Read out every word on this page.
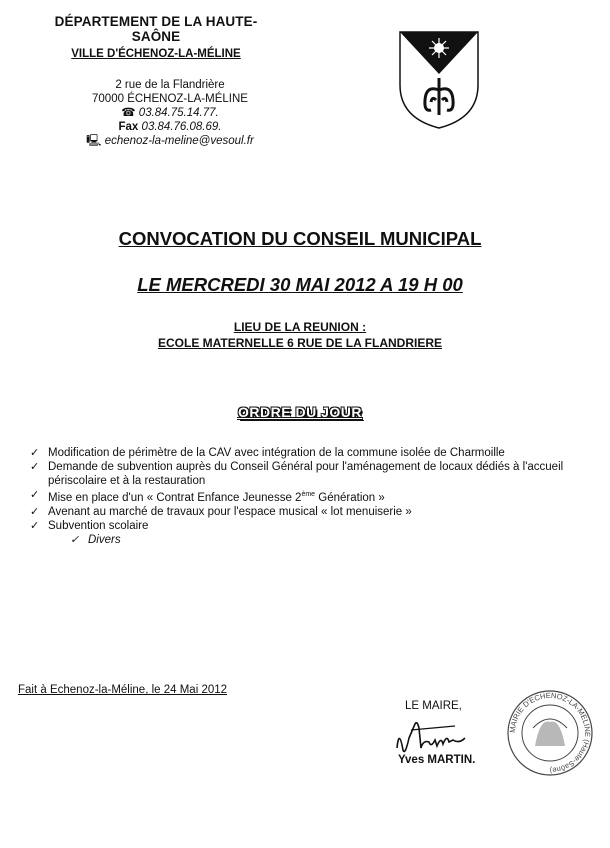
DÉPARTEMENT DE LA HAUTE-SAÔNE
VILLE D'ÉCHENOZ-LA-MÉLINE
2 rue de la Flandrière
70000 ÉCHENOZ-LA-MÉLINE
☎ 03.84.75.14.77.
Fax 03.84.76.08.69.
🖳 echenoz-la-meline@vesoul.fr
CONVOCATION DU CONSEIL MUNICIPAL
LE MERCREDI 30 MAI 2012 A 19 H 00
LIEU DE LA REUNION :
ECOLE MATERNELLE 6 RUE DE LA FLANDRIERE
ORDRE DU JOUR
✓ Modification de périmètre de la CAV avec intégration de la commune isolée de Charmoille
✓ Demande de subvention auprès du Conseil Général pour l'aménagement de locaux dédiés à l'accueil périscolaire et à la restauration
✓ Mise en place d'un « Contrat Enfance Jeunesse 2ème Génération »
✓ Avenant au marché de travaux pour l'espace musical « lot menuiserie »
✓ Subvention scolaire
✓ Divers
Fait à Echenoz-la-Méline, le 24 Mai 2012
LE MAIRE,
Yves MARTIN.
MAIRIE D'ECHENOZ-LA-MELINE (Haute-Saône)
